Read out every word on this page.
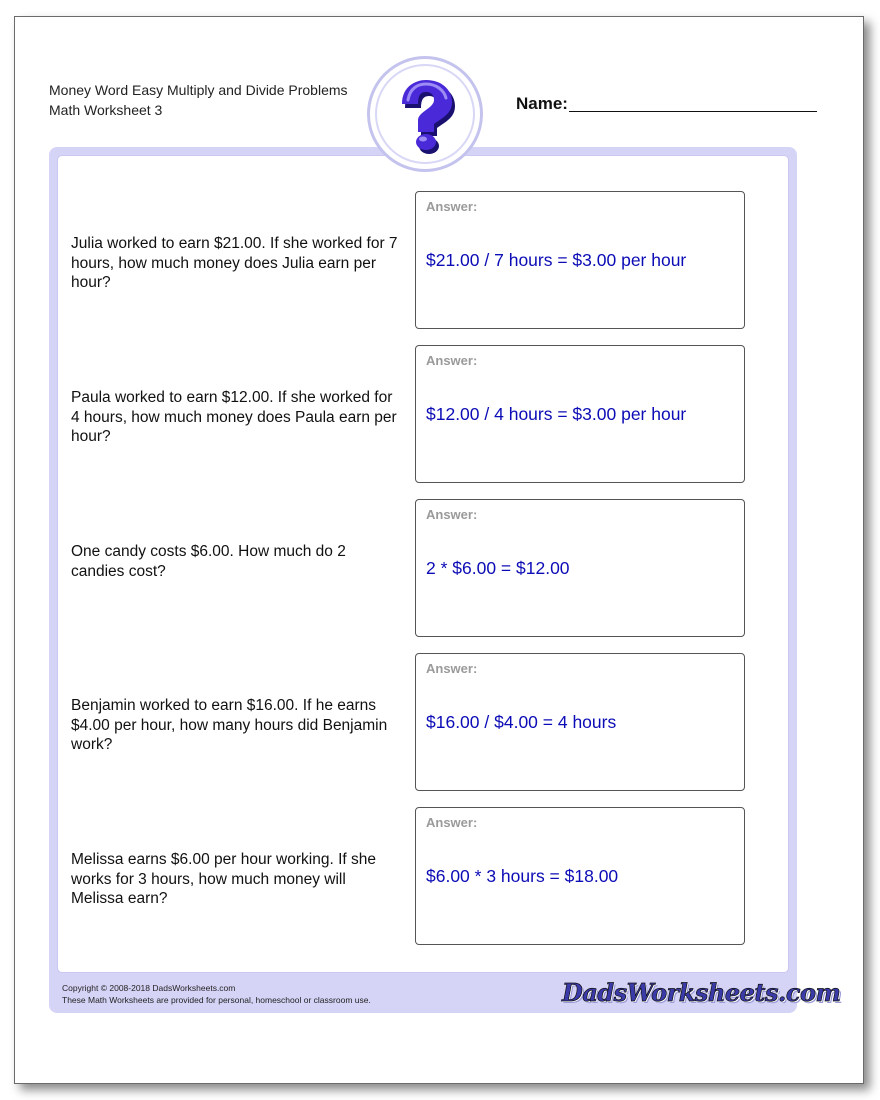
Money Word Easy Multiply and Divide Problems
Math Worksheet 3	Name:
Julia worked to earn $21.00. If she worked for 7 hours, how much money does Julia earn per hour?
Answer:
$21.00 / 7 hours = $3.00 per hour
Paula worked to earn $12.00. If she worked for 4 hours, how much money does Paula earn per hour?
Answer:
$12.00 / 4 hours = $3.00 per hour
One candy costs $6.00. How much do 2 candies cost?
Answer:
2 * $6.00 = $12.00
Benjamin worked to earn $16.00. If he earns $4.00 per hour, how many hours did Benjamin work?
Answer:
$16.00 / $4.00 = 4 hours
Melissa earns $6.00 per hour working. If she works for 3 hours, how much money will Melissa earn?
Answer:
$6.00 * 3 hours = $18.00
Copyright © 2008-2018 DadsWorksheets.com
These Math Worksheets are provided for personal, homeschool or classroom use.	DadsWorksheets.com
